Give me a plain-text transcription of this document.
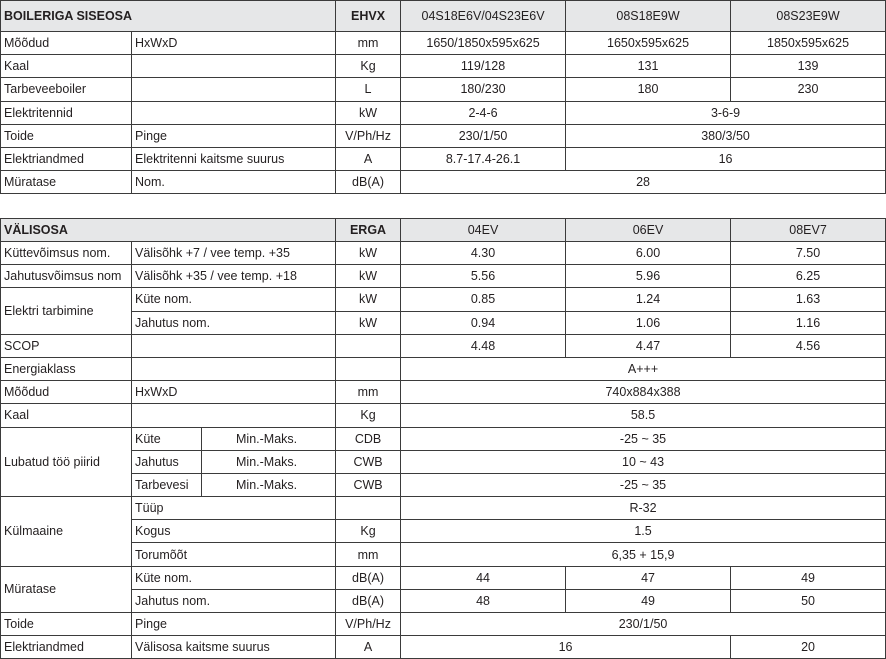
BOILERIGA SISEOSA		EHVX	04S18E6V/04S23E6V	08S18E9W	08S23E9W
Mõõdud	HxWxD	mm	1650/1850x595x625	1650x595x625	1850x595x625
Kaal		Kg	119/128	131	139
Tarbeveeboiler		L	180/230	180	230
Elektritennid		kW	2-4-6	3-6-9	
Toide	Pinge	V/Ph/Hz	230/1/50	380/3/50	
Elektriandmed	Elektritenni kaitsme suurus	A	8.7-17.4-26.1	16	
Müratase	Nom.	dB(A)	28		
VÄLISOSA			ERGA	04EV	06EV	08EV7
Küttevõimsus nom.	Välisõhk +7 / vee temp. +35		kW	4.30	6.00	7.50
Jahutusvõimsus nom	Välisõhk +35 / vee temp. +18		kW	5.56	5.96	6.25
Elektri tarbimine	Küte nom.		kW	0.85	1.24	1.63
	Jahutus nom.		kW	0.94	1.06	1.16
SCOP				4.48	4.47	4.56
Energiaklass				A+++		
Mõõdud	HxWxD		mm	740x884x388		
Kaal			Kg	58.5		
Lubatud töö piirid	Küte	Min.-Maks.	CDB	-25 ~ 35		
	Jahutus	Min.-Maks.	CWB	10 ~ 43		
	Tarbevesi	Min.-Maks.	CWB	-25 ~ 35		
Külmaaine	Tüüp			R-32		
	Kogus		Kg	1.5		
	Torumõõt		mm	6,35 + 15,9		
Müratase	Küte nom.		dB(A)	44	47	49
	Jahutus nom.		dB(A)	48	49	50
Toide	Pinge		V/Ph/Hz	230/1/50		
Elektriandmed	Välisosa kaitsme suurus		A	16		20
